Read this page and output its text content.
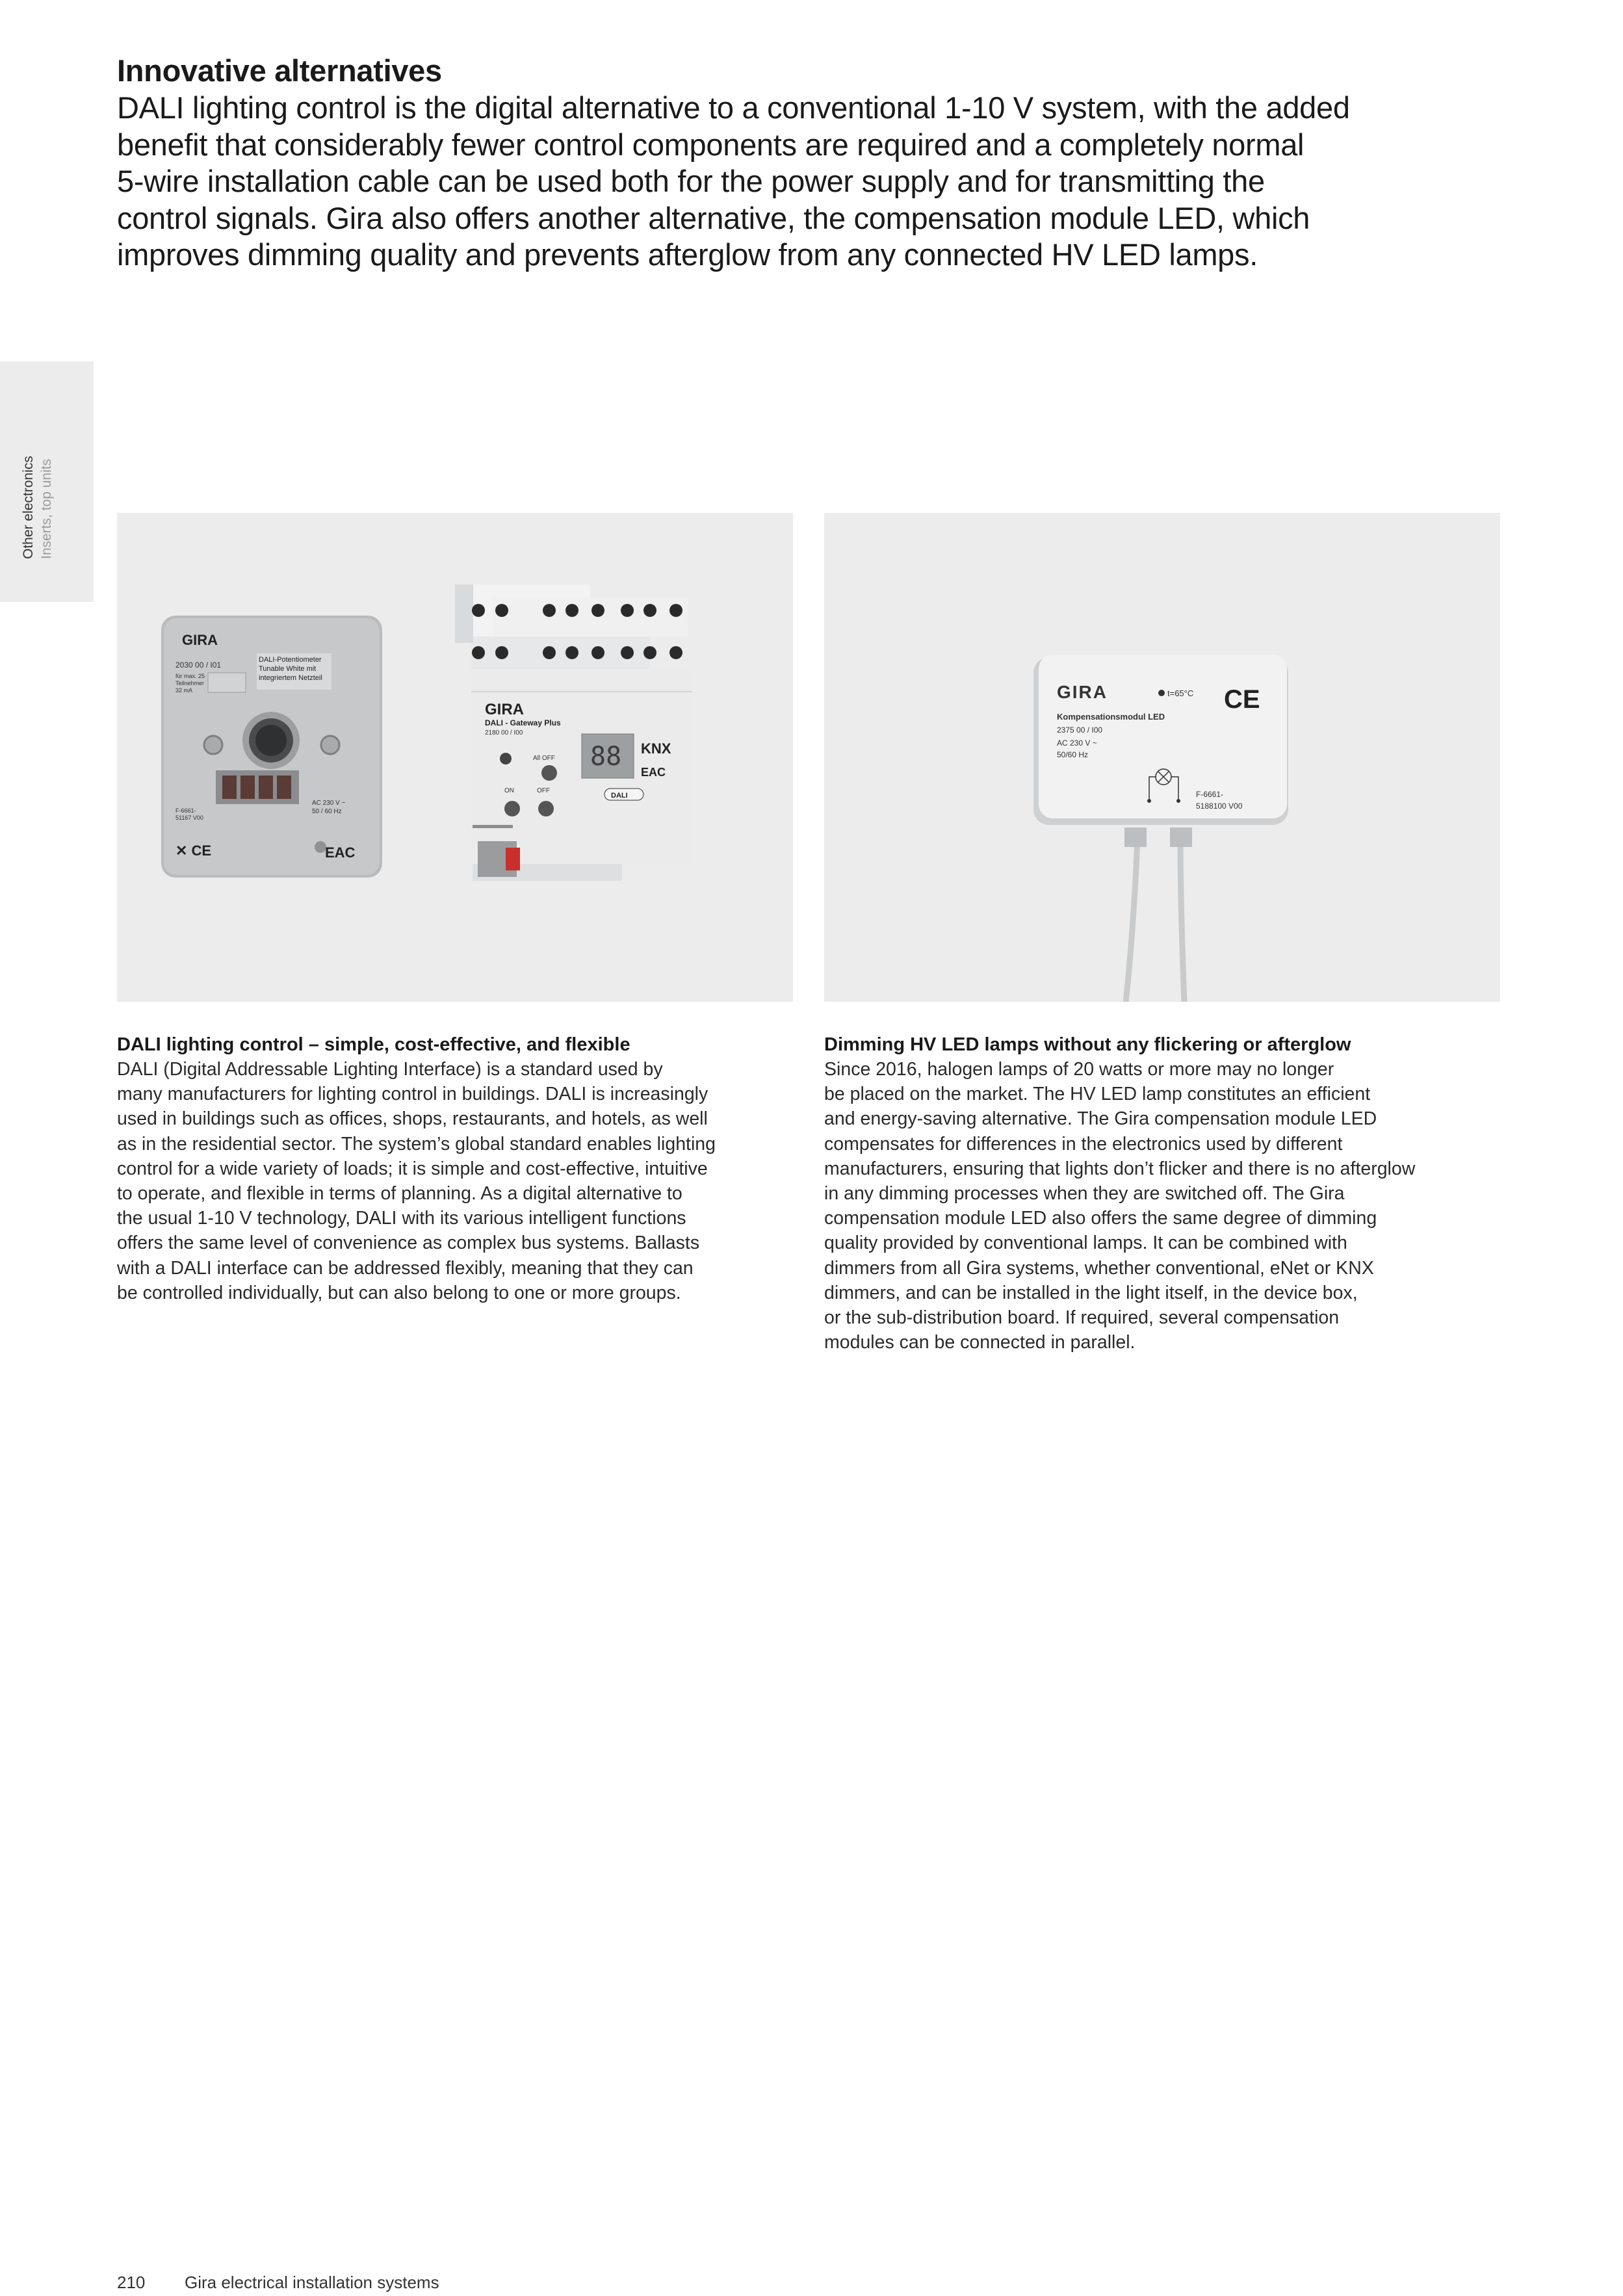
Innovative alternatives

DALI lighting control is the digital alternative to a conventional 1-10 V system, with the added
benefit that considerably fewer control components are required and a completely normal
5-wire installation cable can be used both for the power supply and for transmitting the
control signals. Gira also offers another alternative, the compensation module LED, which
improves dimming quality and prevents afterglow from any connected HV LED lamps.

Other electronics Inserts, top units
GIRA
2030 00 / I01
DALI-Potentiometer
Tunable White mit
integriertem Netzteil
für max. 25
Teilnehmer
32 mA
F-6661-
51167 V00
AC 230 V ~
50 / 60 Hz
✕ CE	EAC
GIRA
DALI - Gateway Plus
2180 00 / I00
88 KNX
EAC
DALI
All OFF
ON	OFF
GIRA	t=65°C CE
Kompensationsmodul LED
2375 00 / I00
AC 230 V ~
50/60 Hz
F-6661-
5188100 V00
DALI lighting control – simple, cost-effective, and flexible

DALI (Digital Addressable Lighting Interface) is a standard used by
many manufacturers for lighting control in buildings. DALI is increasingly
used in buildings such as offices, shops, restaurants, and hotels, as well
as in the residential sector. The system’s global standard enables lighting
control for a wide variety of loads; it is simple and cost-effective, intuitive
to operate, and flexible in terms of planning. As a digital alternative to
the usual 1-10 V technology, DALI with its various intelligent functions
offers the same level of convenience as complex bus systems. Ballasts
with a DALI interface can be addressed flexibly, meaning that they can
be controlled individually, but can also belong to one or more groups.

Dimming HV LED lamps without any flickering or afterglow

Since 2016, halogen lamps of 20 watts or more may no longer
be placed on the market. The HV LED lamp constitutes an efficient
and energy-saving alternative. The Gira compensation module LED
compensates for differences in the electronics used by different
manufacturers, ensuring that lights don’t flicker and there is no afterglow
in any dimming processes when they are switched off. The Gira
compensation module LED also offers the same degree of dimming
quality provided by conventional lamps. It can be combined with
dimmers from all Gira systems, whether conventional, eNet or KNX
dimmers, and can be installed in the light itself, in the device box,
or the sub-distribution board. If required, several compensation
modules can be connected in parallel.

210 Gira electrical installation systems
